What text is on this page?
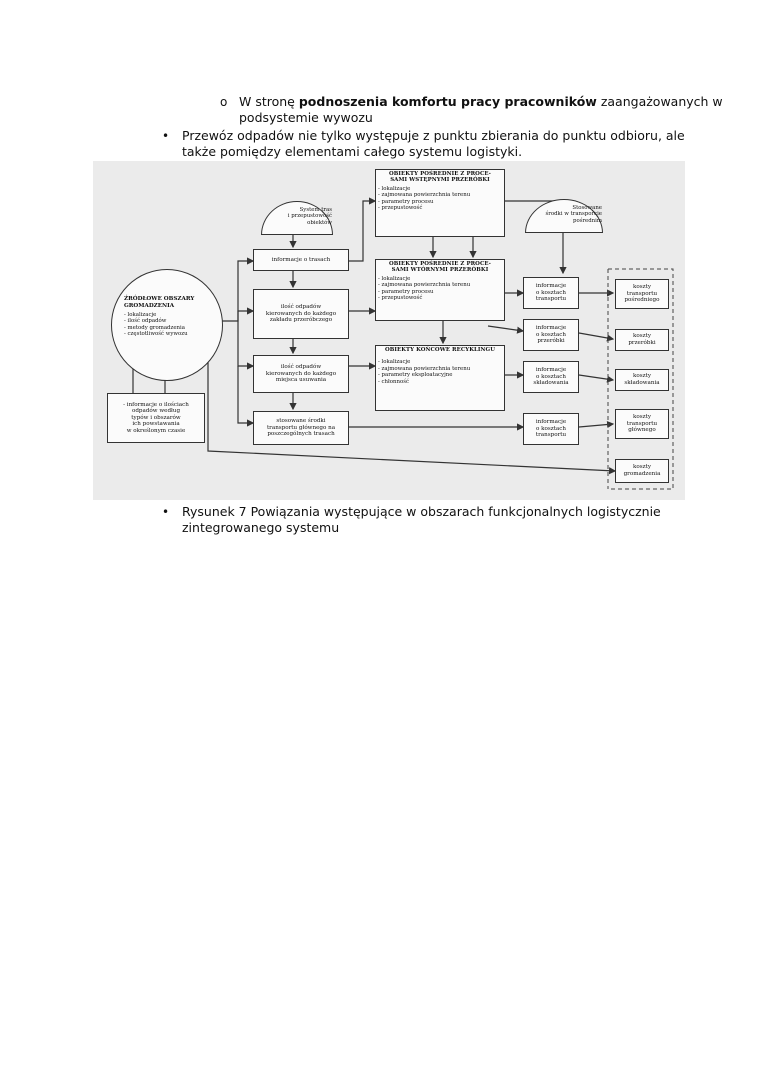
o W stronę podnoszenia komfortu pracy pracowników zaangażowanych w
podsystemie wywozu
• Przewóz odpadów nie tylko występuje z punktu zbierania do punktu odbioru, ale
także pomiędzy elementami całego systemu logistyki.
ŹRÓDŁOWE OBSZARY
GROMADZENIA
- lokalizacje
- ilość odpadów
- metody gromadzenia
- częstotliwość wywozu
- informacje o ilościach
odpadów według
typów i obszarów
ich powstawania
w określonym czasie
System tras
i przepustowość
obiektów
informacje o trasach
ilość odpadów
kierowanych do każdego
zakładu przeróbczego
ilość odpadów
kierowanych do każdego
miejsca usuwania
stosowane środki
transportu głównego na
poszczególnych trasach
OBIEKTY POŚREDNIE Z PROCE-
SAMI WSTĘPNYMI PRZERÓBKI
- lokalizacje
- zajmowana powierzchnia terenu
- parametry procesu
- przepustowość
OBIEKTY POŚREDNIE Z PROCE-
SAMI WTÓRNYMI PRZERÓBKI
- lokalizacje
- zajmowana powierzchnia terenu
- parametry procesu
- przepustowość
OBIEKTY KOŃCOWE RECYKLINGU
- lokalizacje
- zajmowana powierzchnia terenu
- parametry eksploatacyjne
- chłonność
Stosowane
środki w transporcie
pośrednim
informacje
o kosztach
transportu
informacje
o kosztach
przeróbki
informacje
o kosztach
składowania
informacje
o kosztach
transportu
koszty
transportu
pośredniego
koszty
przeróbki
koszty
składowania
koszty
transportu
głównego
koszty
gromadzenia
• Rysunek 7 Powiązania występujące w obszarach funkcjonalnych logistycznie
zintegrowanego systemu
